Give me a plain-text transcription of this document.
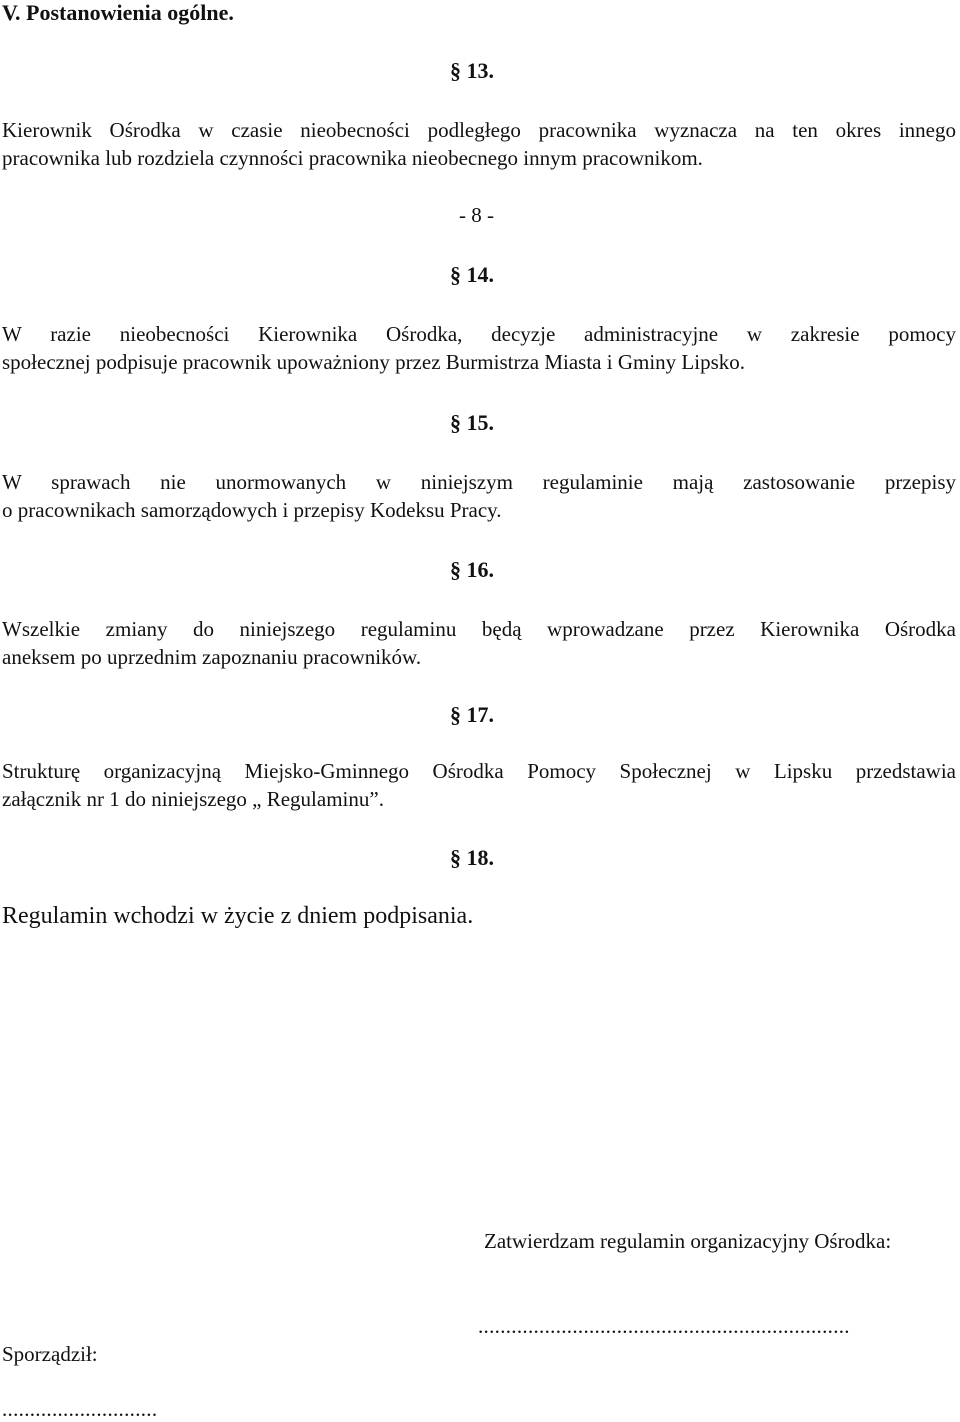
V. Postanowienia ogólne.
§ 13.
Kierownik Ośrodka w czasie nieobecności podległego pracownika wyznacza na ten okres innego
pracownika lub rozdziela czynności pracownika nieobecnego innym pracownikom.
- 8 -
§ 14.
W razie nieobecności Kierownika Ośrodka, decyzje administracyjne w zakresie pomocy
społecznej podpisuje pracownik upoważniony przez Burmistrza Miasta i Gminy Lipsko.
§ 15.
W sprawach nie unormowanych w niniejszym regulaminie mają zastosowanie przepisy
o pracownikach samorządowych i przepisy Kodeksu Pracy.
§ 16.
Wszelkie zmiany do niniejszego regulaminu będą wprowadzane przez Kierownika Ośrodka
aneksem po uprzednim zapoznaniu pracowników.
§ 17.
Strukturę organizacyjną Miejsko-Gminnego Ośrodka Pomocy Społecznej w Lipsku przedstawia
załącznik nr 1 do niniejszego „ Regulaminu”.
§ 18.
Regulamin wchodzi w życie z dniem podpisania.
Zatwierdzam regulamin organizacyjny Ośrodka:
...................................................................
Sporządził:
............................
